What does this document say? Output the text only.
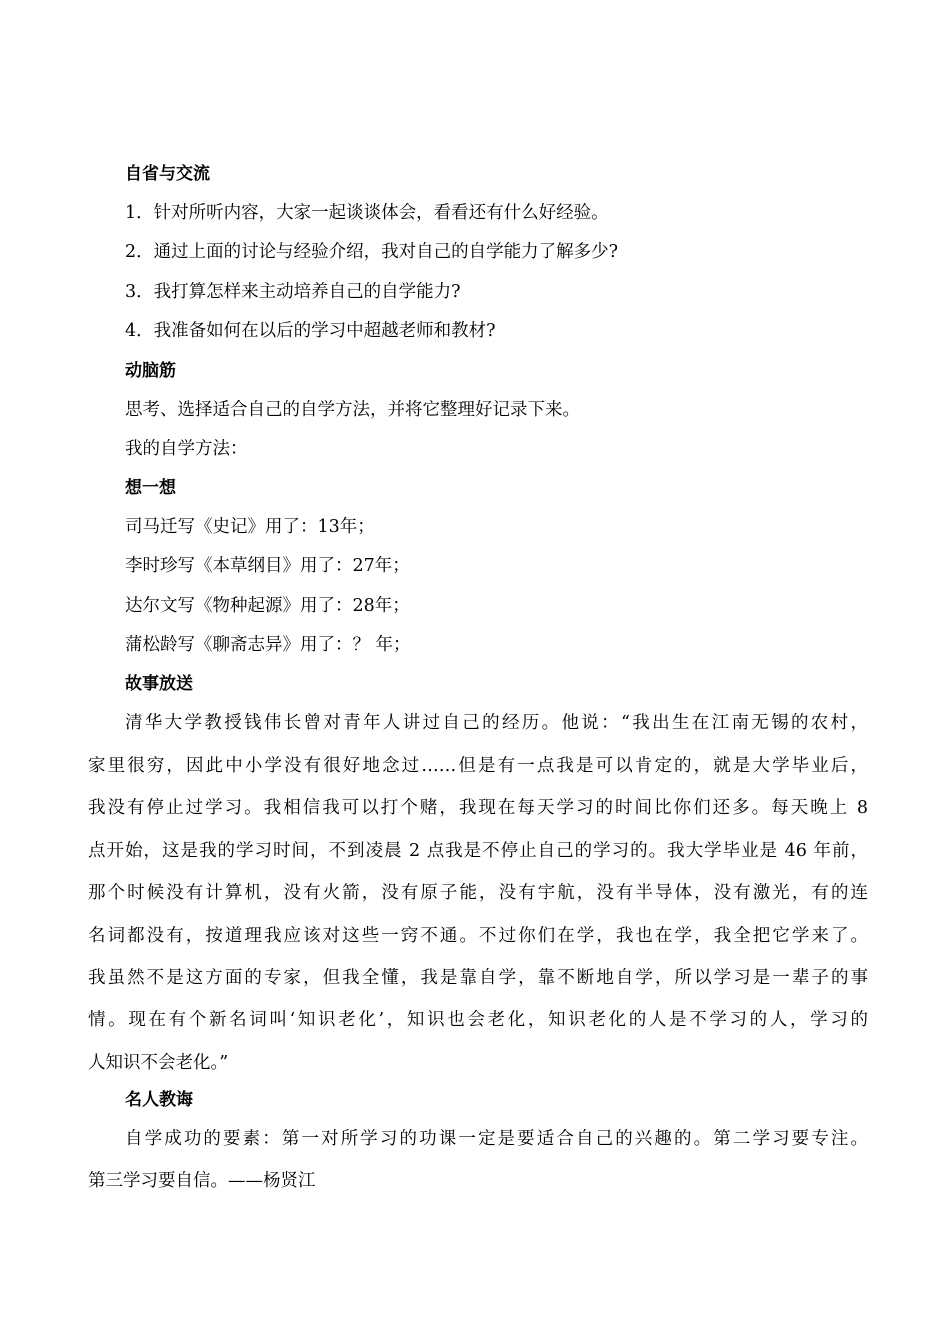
自省与交流
1．针对所听内容，大家一起谈谈体会，看看还有什么好经验。
2．通过上面的讨论与经验介绍，我对自己的自学能力了解多少?
3．我打算怎样来主动培养自己的自学能力?
4．我准备如何在以后的学习中超越老师和教材?
动脑筋
思考、选择适合自己的自学方法，并将它整理好记录下来。
我的自学方法：
想一想
司马迁写《史记》用了：13年；
李时珍写《本草纲目》用了：27年；
达尔文写《物种起源》用了：28年；
蒲松龄写《聊斋志异》用了：？ 年；
故事放送
清华大学教授钱伟长曾对青年人讲过自己的经历。他说：“我出生在江南无锡的农村，
家里很穷，因此中小学没有很好地念过……但是有一点我是可以肯定的，就是大学毕业后，
我没有停止过学习。我相信我可以打个赌，我现在每天学习的时间比你们还多。每天晚上 8
点开始，这是我的学习时间，不到凌晨 2 点我是不停止自己的学习的。我大学毕业是 46 年前，
那个时候没有计算机，没有火箭，没有原子能，没有宇航，没有半导体，没有激光，有的连
名词都没有，按道理我应该对这些一窍不通。不过你们在学，我也在学，我全把它学来了。
我虽然不是这方面的专家，但我全懂，我是靠自学，靠不断地自学，所以学习是一辈子的事
情。现在有个新名词叫‘知识老化’，知识也会老化，知识老化的人是不学习的人，学习的
人知识不会老化。”
名人教诲
自学成功的要素：第一对所学习的功课一定是要适合自己的兴趣的。第二学习要专注。
第三学习要自信。——杨贤江
